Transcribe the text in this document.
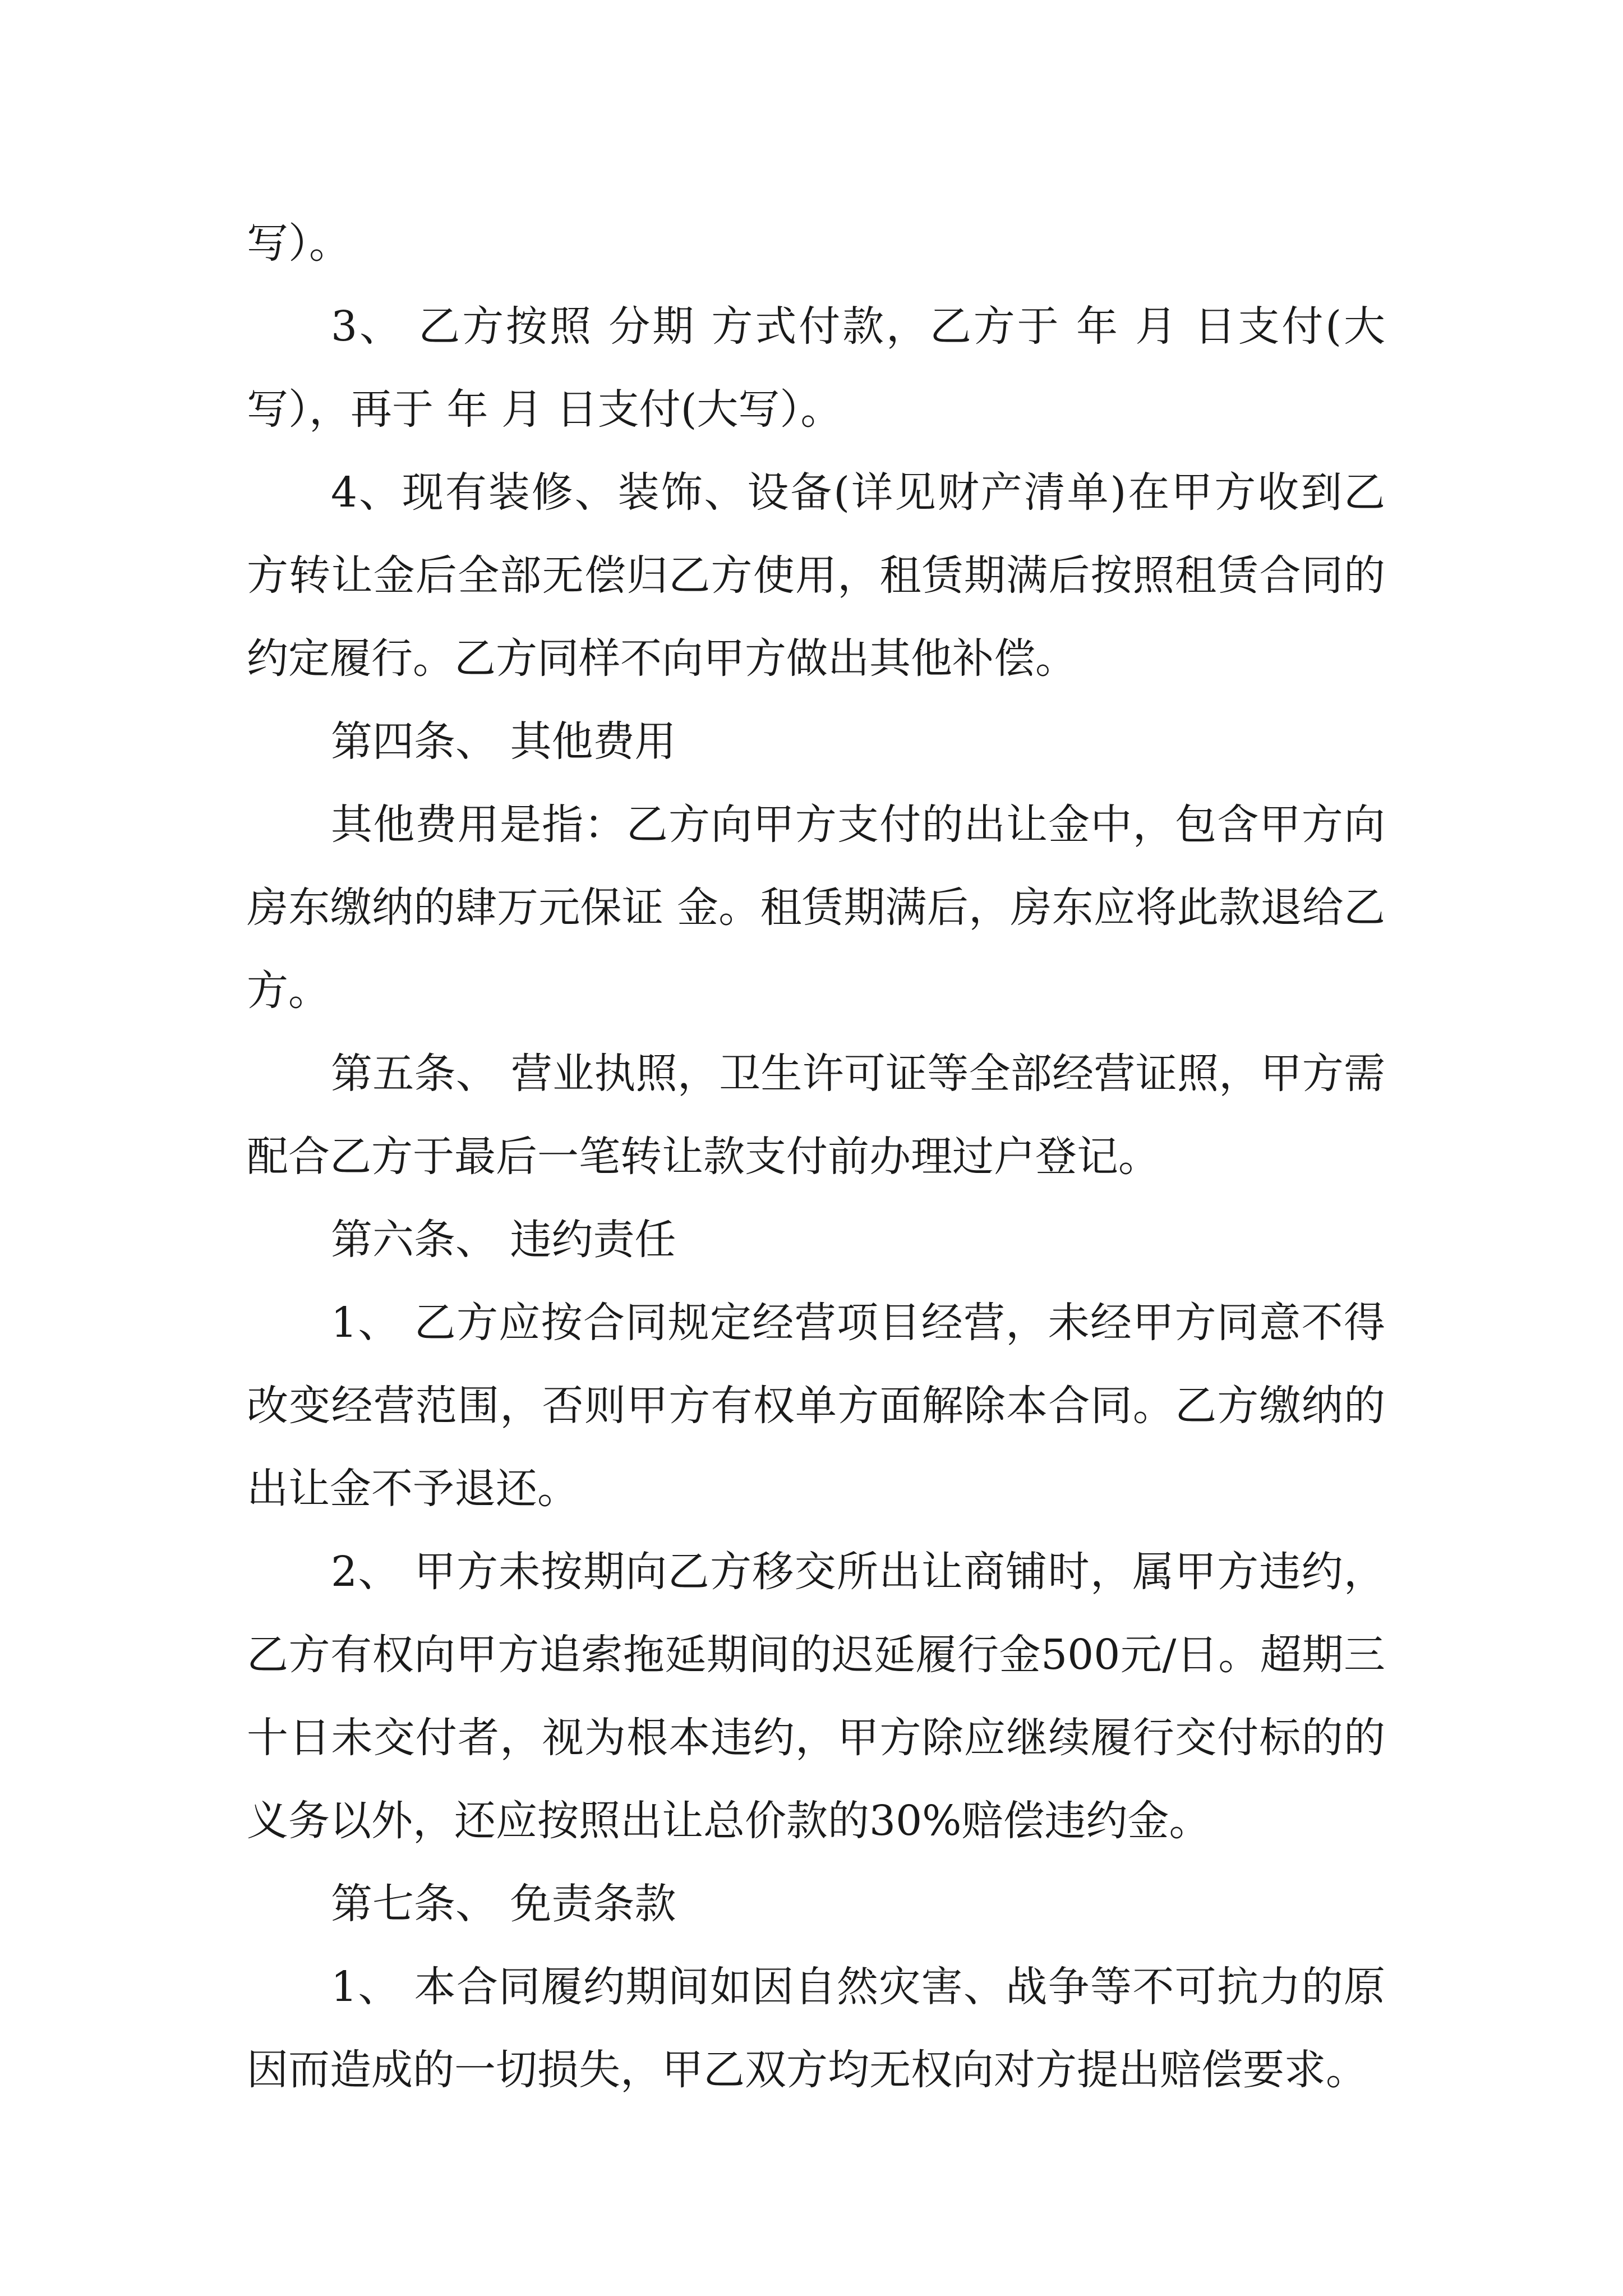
写）。

3、 乙方按照 分期 方式付款，乙方于 年 月 日支付(大 写），再于 年 月 日支付(大写）。

4、现有装修、装饰、设备(详见财产清单)在甲方收到乙方转让金后全部无偿归乙方使用，租赁期满后按照租赁合同的约定履行。乙方同样不向甲方做出其他补偿。

第四条、 其他费用

其他费用是指：乙方向甲方支付的出让金中，包含甲方向房东缴纳的肆万元保证 金。租赁期满后，房东应将此款退给乙方。

第五条、 营业执照，卫生许可证等全部经营证照，甲方需配合乙方于最后一笔转让款支付前办理过户登记。

第六条、 违约责任

1、 乙方应按合同规定经营项目经营，未经甲方同意不得改变经营范围，否则甲方有权单方面解除本合同。乙方缴纳的出让金不予退还。

2、 甲方未按期向乙方移交所出让商铺时，属甲方违约，乙方有权向甲方追索拖延期间的迟延履行金500元/日。超期三十日未交付者，视为根本违约，甲方除应继续履行交付标的的义务以外，还应按照出让总价款的30%赔偿违约金。

第七条、 免责条款

1、 本合同履约期间如因自然灾害、战争等不可抗力的原因而造成的一切损失，甲乙双方均无权向对方提出赔偿要求。
